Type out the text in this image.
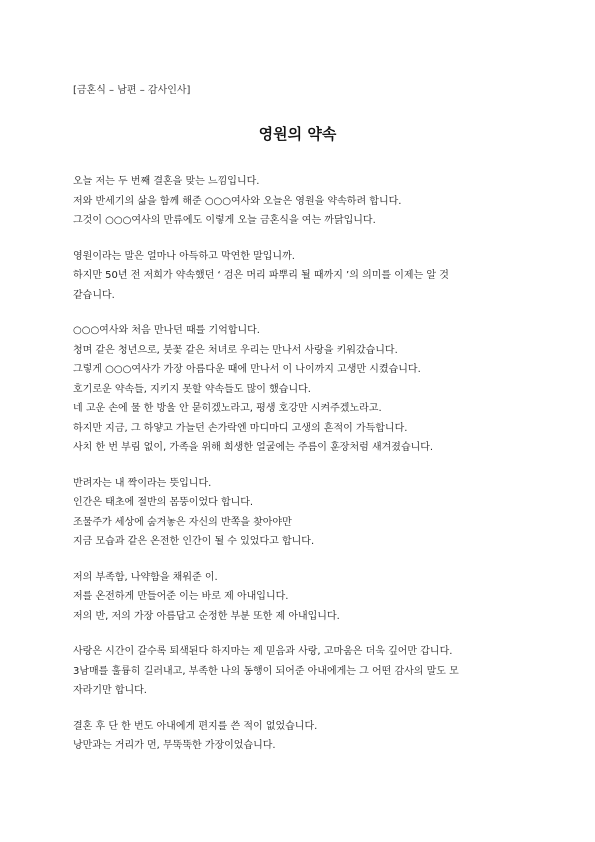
[금혼식 – 남편 – 감사인사]
영원의 약속
오늘 저는 두 번째 결혼을 맞는 느낌입니다.
저와 반세기의 삶을 함께 해준 ○○○여사와 오늘은 영원을 약속하려 합니다.
그것이 ○○○여사의 만류에도 이렇게 오늘 금혼식을 여는 까닭입니다.
영원이라는 말은 얼마나 아득하고 막연한 말입니까.
하지만 50년 전 저희가 약속했던 ‘ 검은 머리 파뿌리 될 때까지 ’의 의미를 이제는 알 것
같습니다.
○○○여사와 처음 만나던 때를 기억합니다.
청며 같은 청년으로, 붓꽃 같은 처녀로 우리는 만나서 사랑을 키워갔습니다.
그렇게 ○○○여사가 가장 아름다운 때에 만나서 이 나이까지 고생만 시켰습니다.
호기로운 약속들, 지키지 못할 약속들도 많이 했습니다.
네 고운 손에 물 한 방울 안 묻히겠노라고, 평생 호강만 시켜주겠노라고.
하지만 지금, 그 하얗고 가늘던 손가락엔 마디마디 고생의 흔적이 가득합니다.
사치 한 번 부림 없이, 가족을 위해 희생한 얼굴에는 주름이 훈장처럼 새겨졌습니다.
반려자는 내 짝이라는 뜻입니다.
인간은 태초에 절반의 몸뚱이었다 합니다.
조물주가 세상에 숨겨놓은 자신의 반쪽을 찾아야만
지금 모습과 같은 온전한 인간이 될 수 있었다고 합니다.
저의 부족함, 나약함을 채워준 이.
저를 온전하게 만들어준 이는 바로 제 아내입니다.
저의 반, 저의 가장 아름답고 순정한 부분 또한 제 아내입니다.
사랑은 시간이 갈수록 퇴색된다 하지마는 제 믿음과 사랑, 고마움은 더욱 깊어만 갑니다.
3남매를 훌륭히 길러내고, 부족한 나의 동행이 되어준 아내에게는 그 어떤 감사의 말도 모
자라기만 합니다.
결혼 후 단 한 번도 아내에게 편지를 쓴 적이 없었습니다.
낭만과는 거리가 먼, 무뚝뚝한 가장이었습니다.
